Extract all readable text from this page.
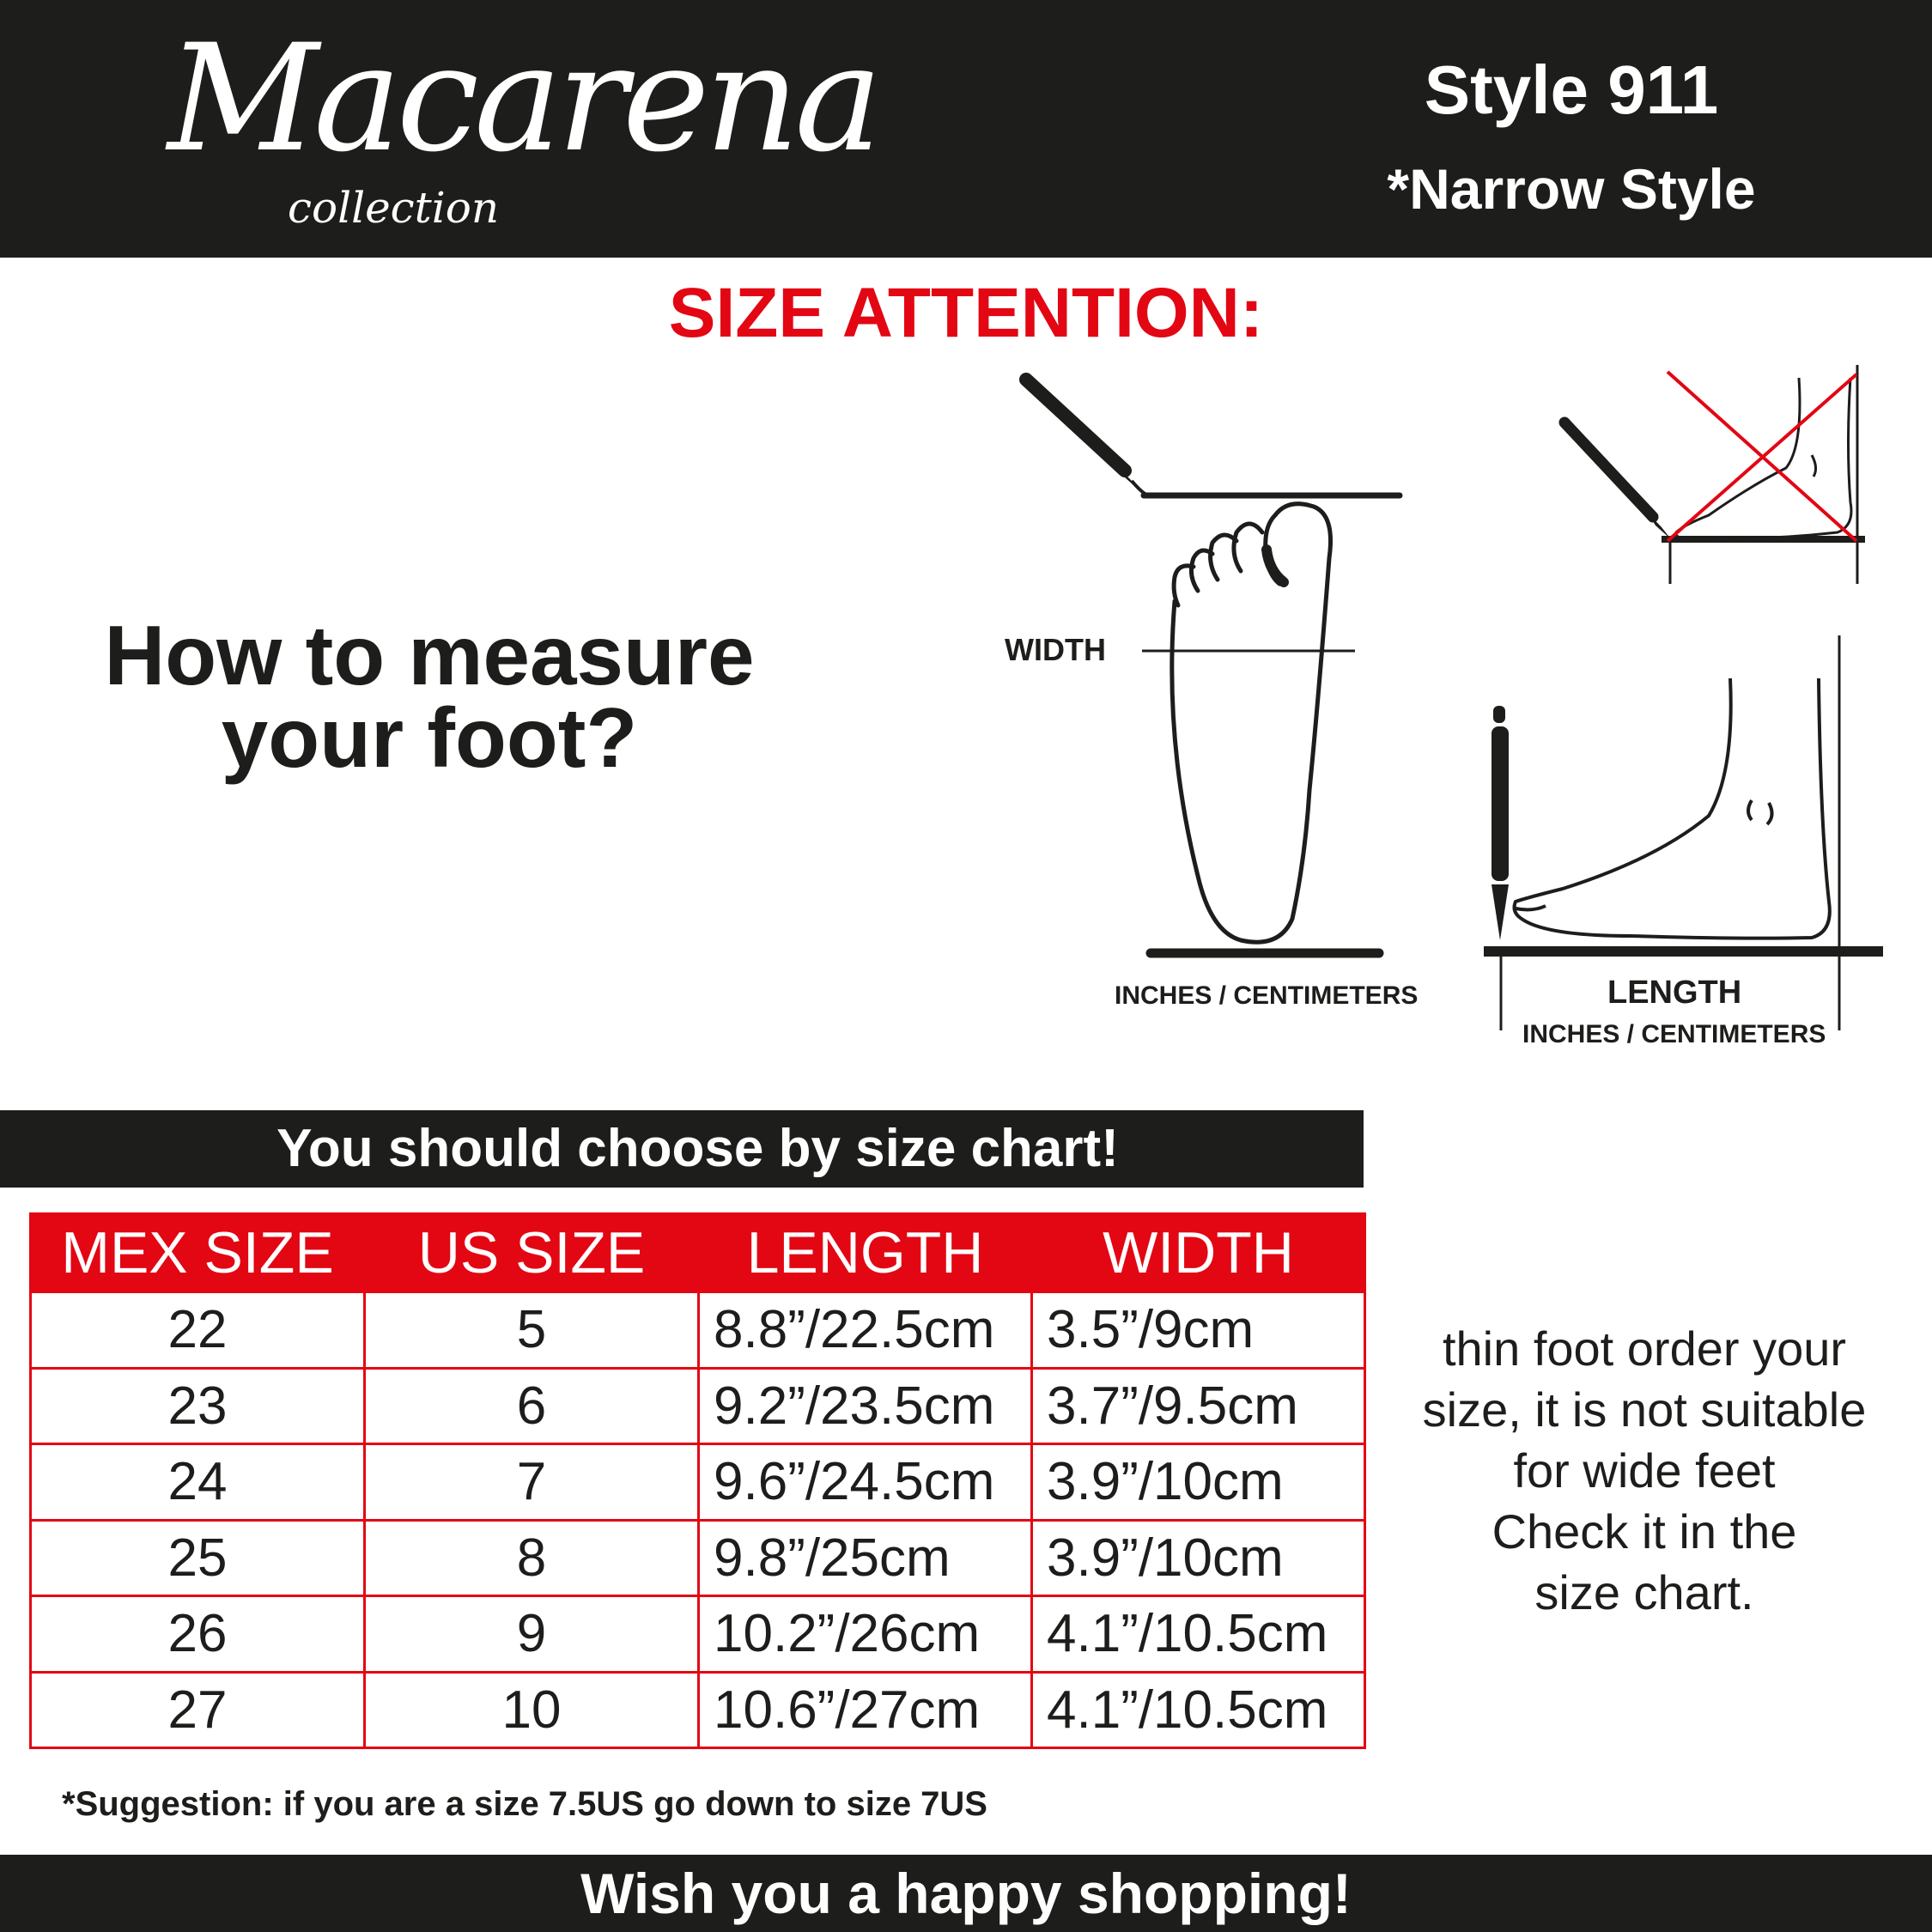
Macarena
collection
Style 911
*Narrow Style
SIZE ATTENTION:
How to measure your foot?
WIDTH
INCHES / CENTIMETERS	LENGTH
INCHES / CENTIMETERS
You should choose by size chart!
MEX SIZE	US SIZE	LENGTH	WIDTH
22	5	8.8”/22.5cm	3.5”/9cm
23	6	9.2”/23.5cm	3.7”/9.5cm
24	7	9.6”/24.5cm	3.9”/10cm
25	8	9.8”/25cm	3.9”/10cm
26	9	10.2”/26cm	4.1”/10.5cm
27	10	10.6”/27cm	4.1”/10.5cm
thin foot order your
size, it is not suitable
for wide feet
Check it in the
size chart.
*Suggestion: if you are a size 7.5US go down to size 7US
Wish you a happy shopping!
